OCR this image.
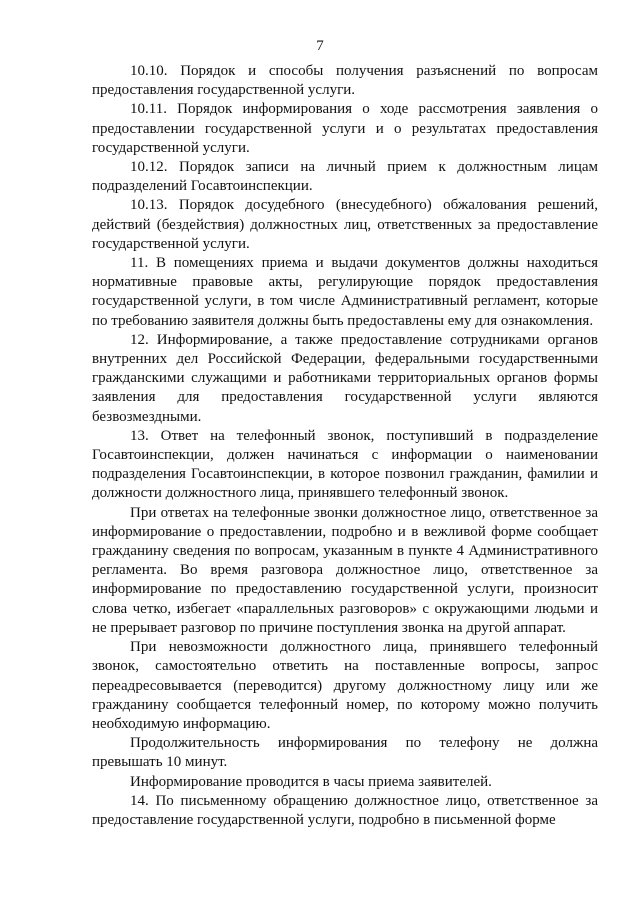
7

10.10. Порядок и способы получения разъяснений по вопросам предоставления государственной услуги.

10.11. Порядок информирования о ходе рассмотрения заявления о предоставлении государственной услуги и о результатах предоставления государственной услуги.

10.12. Порядок записи на личный прием к должностным лицам подразделений Госавтоинспекции.

10.13. Порядок досудебного (внесудебного) обжалования решений, действий (бездействия) должностных лиц, ответственных за предоставление государственной услуги.

11. В помещениях приема и выдачи документов должны находиться нормативные правовые акты, регулирующие порядок предоставления государственной услуги, в том числе Административный регламент, которые по требованию заявителя должны быть предоставлены ему для ознакомления.

12. Информирование, а также предоставление сотрудниками органов внутренних дел Российской Федерации, федеральными государственными гражданскими служащими и работниками территориальных органов формы заявления для предоставления государственной услуги являются безвозмездными.

13. Ответ на телефонный звонок, поступивший в подразделение Госавтоинспекции, должен начинаться с информации о наименовании подразделения Госавтоинспекции, в которое позвонил гражданин, фамилии и должности должностного лица, принявшего телефонный звонок.

При ответах на телефонные звонки должностное лицо, ответственное за информирование о предоставлении, подробно и в вежливой форме сообщает гражданину сведения по вопросам, указанным в пункте 4 Административного регламента. Во время разговора должностное лицо, ответственное за информирование по предоставлению государственной услуги, произносит слова четко, избегает «параллельных разговоров» с окружающими людьми и не прерывает разговор по причине поступления звонка на другой аппарат.

При невозможности должностного лица, принявшего телефонный звонок, самостоятельно ответить на поставленные вопросы, запрос переадресовывается (переводится) другому должностному лицу или же гражданину сообщается телефонный номер, по которому можно получить необходимую информацию.

Продолжительность информирования по телефону не должна превышать 10 минут.

Информирование проводится в часы приема заявителей.

14. По письменному обращению должностное лицо, ответственное за предоставление государственной услуги, подробно в письменной форме
